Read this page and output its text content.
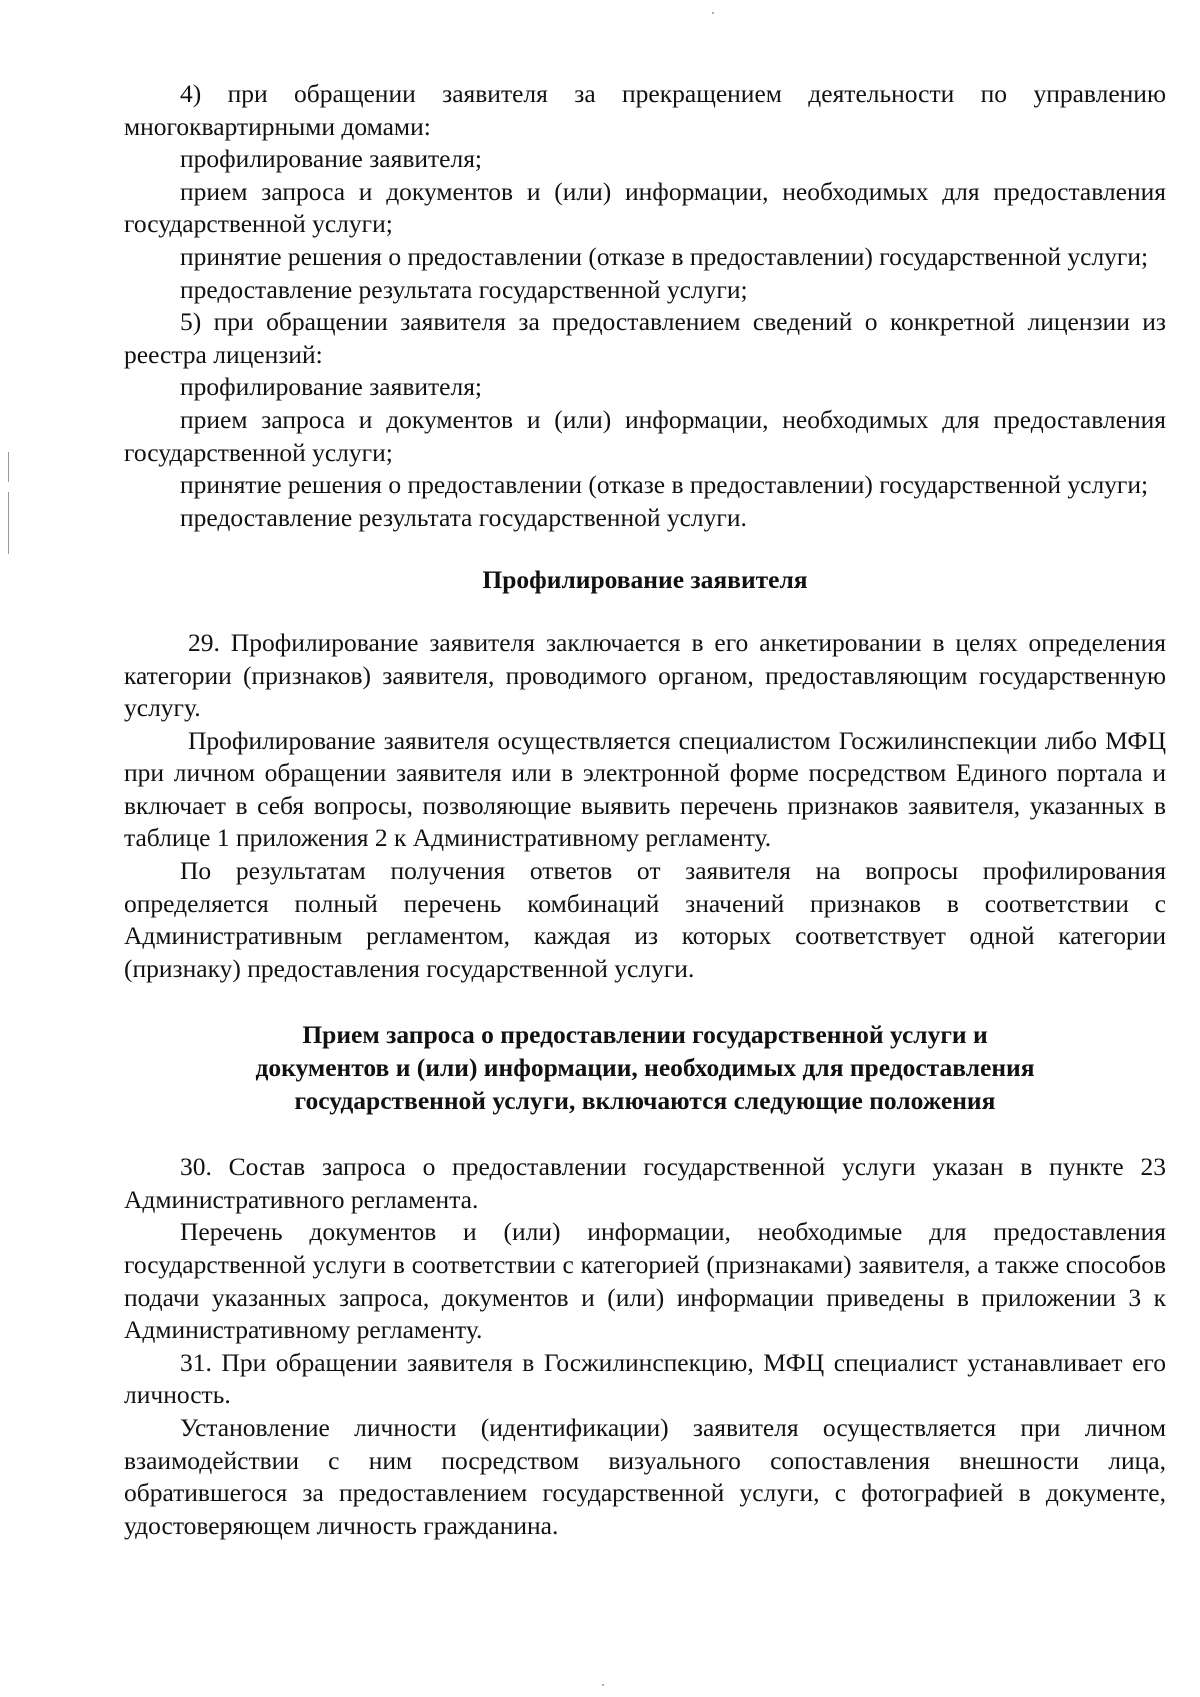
4) при обращении заявителя за прекращением деятельности по управлению многоквартирными домами:

профилирование заявителя;

прием запроса и документов и (или) информации, необходимых для предоставления государственной услуги;

принятие решения о предоставлении (отказе в предоставлении) государственной услуги;

предоставление результата государственной услуги;

5) при обращении заявителя за предоставлением сведений о конкретной лицензии из реестра лицензий:

профилирование заявителя;

прием запроса и документов и (или) информации, необходимых для предоставления государственной услуги;

принятие решения о предоставлении (отказе в предоставлении) государственной услуги;

предоставление результата государственной услуги.

Профилирование заявителя

29. Профилирование заявителя заключается в его анкетировании в целях определения категории (признаков) заявителя, проводимого органом, предоставляющим государственную услугу.

Профилирование заявителя осуществляется специалистом Госжилинспекции либо МФЦ при личном обращении заявителя или в электронной форме посредством Единого портала и включает в себя вопросы, позволяющие выявить перечень признаков заявителя, указанных в таблице 1 приложения 2 к Административному регламенту.

По результатам получения ответов от заявителя на вопросы профилирования определяется полный перечень комбинаций значений признаков в соответствии с Административным регламентом, каждая из которых соответствует одной категории (признаку) предоставления государственной услуги.

Прием запроса о предоставлении государственной услуги и

документов и (или) информации, необходимых для предоставления

государственной услуги, включаются следующие положения

30. Состав запроса о предоставлении государственной услуги указан в пункте 23 Административного регламента.

Перечень документов и (или) информации, необходимые для предоставления государственной услуги в соответствии с категорией (признаками) заявителя, а также способов подачи указанных запроса, документов и (или) информации приведены в приложении 3 к Административному регламенту.

31. При обращении заявителя в Госжилинспекцию, МФЦ специалист устанавливает его личность.

Установление личности (идентификации) заявителя осуществляется при личном взаимодействии с ним посредством визуального сопоставления внешности лица, обратившегося за предоставлением государственной услуги, с фотографией в документе, удостоверяющем личность гражданина.
